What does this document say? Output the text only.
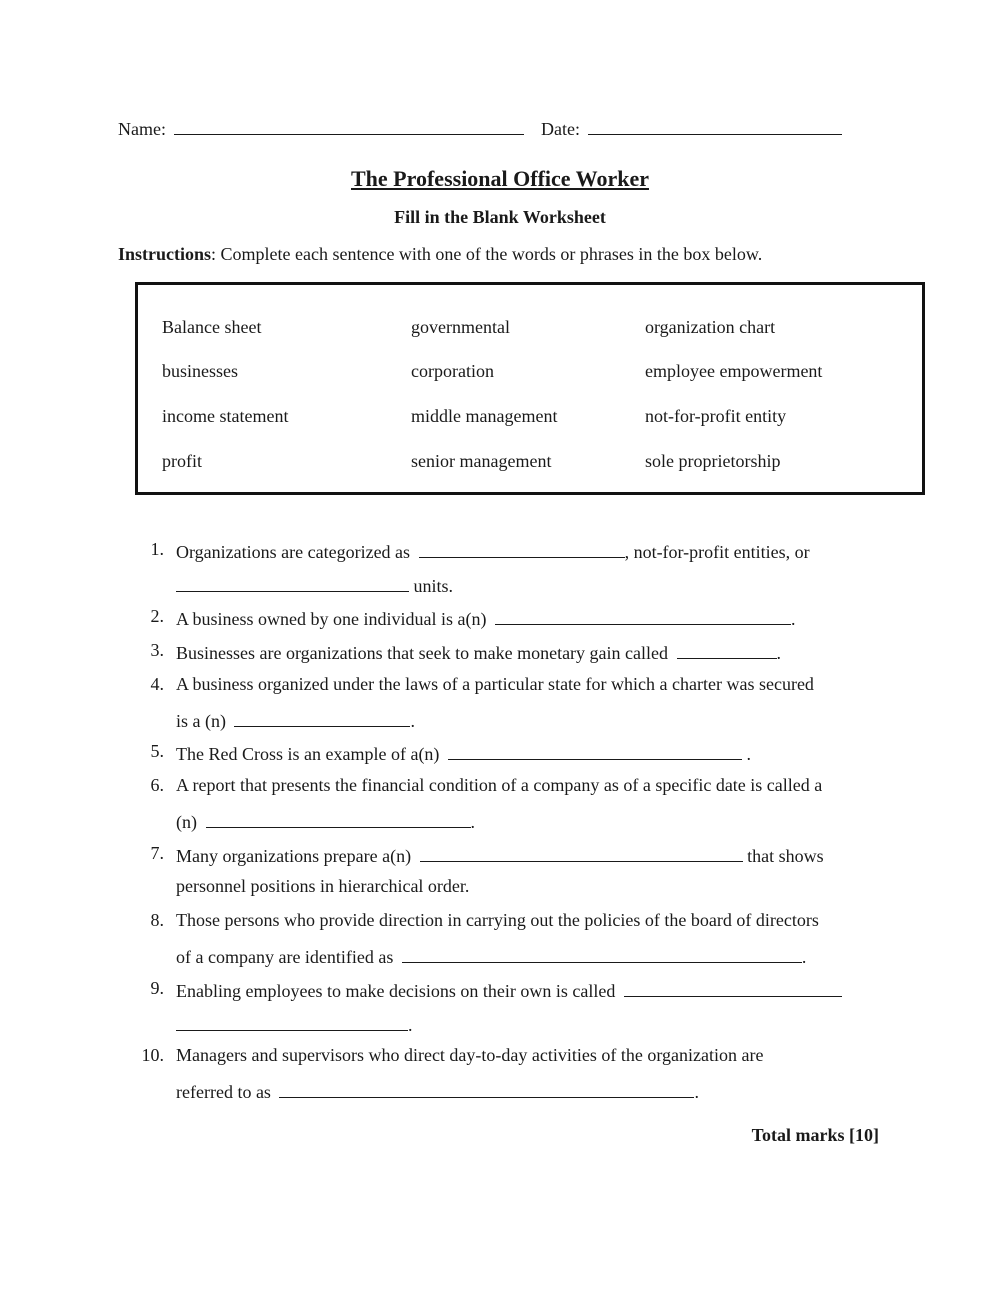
Name:	Date:
The Professional Office Worker
Fill in the Blank Worksheet
Instructions: Complete each sentence with one of the words or phrases in the box below.
Balance sheet	governmental	organization chart
businesses	corporation	employee empowerment
income statement	middle management	not-for-profit entity
profit	senior management	sole proprietorship
1. Organizations are categorized as	, not-for-profit entities, or
units.
2. A business owned by one individual is a(n)	.
3. Businesses are organizations that seek to make monetary gain called	.
4. A business organized under the laws of a particular state for which a charter was secured
is a (n)	.
5. The Red Cross is an example of a(n)	.
6. A report that presents the financial condition of a company as of a specific date is called a
(n)	.
7. Many organizations prepare a(n)	that shows
personnel positions in hierarchical order.
8. Those persons who provide direction in carrying out the policies of the board of directors
of a company are identified as	.
9. Enabling employees to make decisions on their own is called
.
10. Managers and supervisors who direct day-to-day activities of the organization are
referred to as	.
Total marks [10]
